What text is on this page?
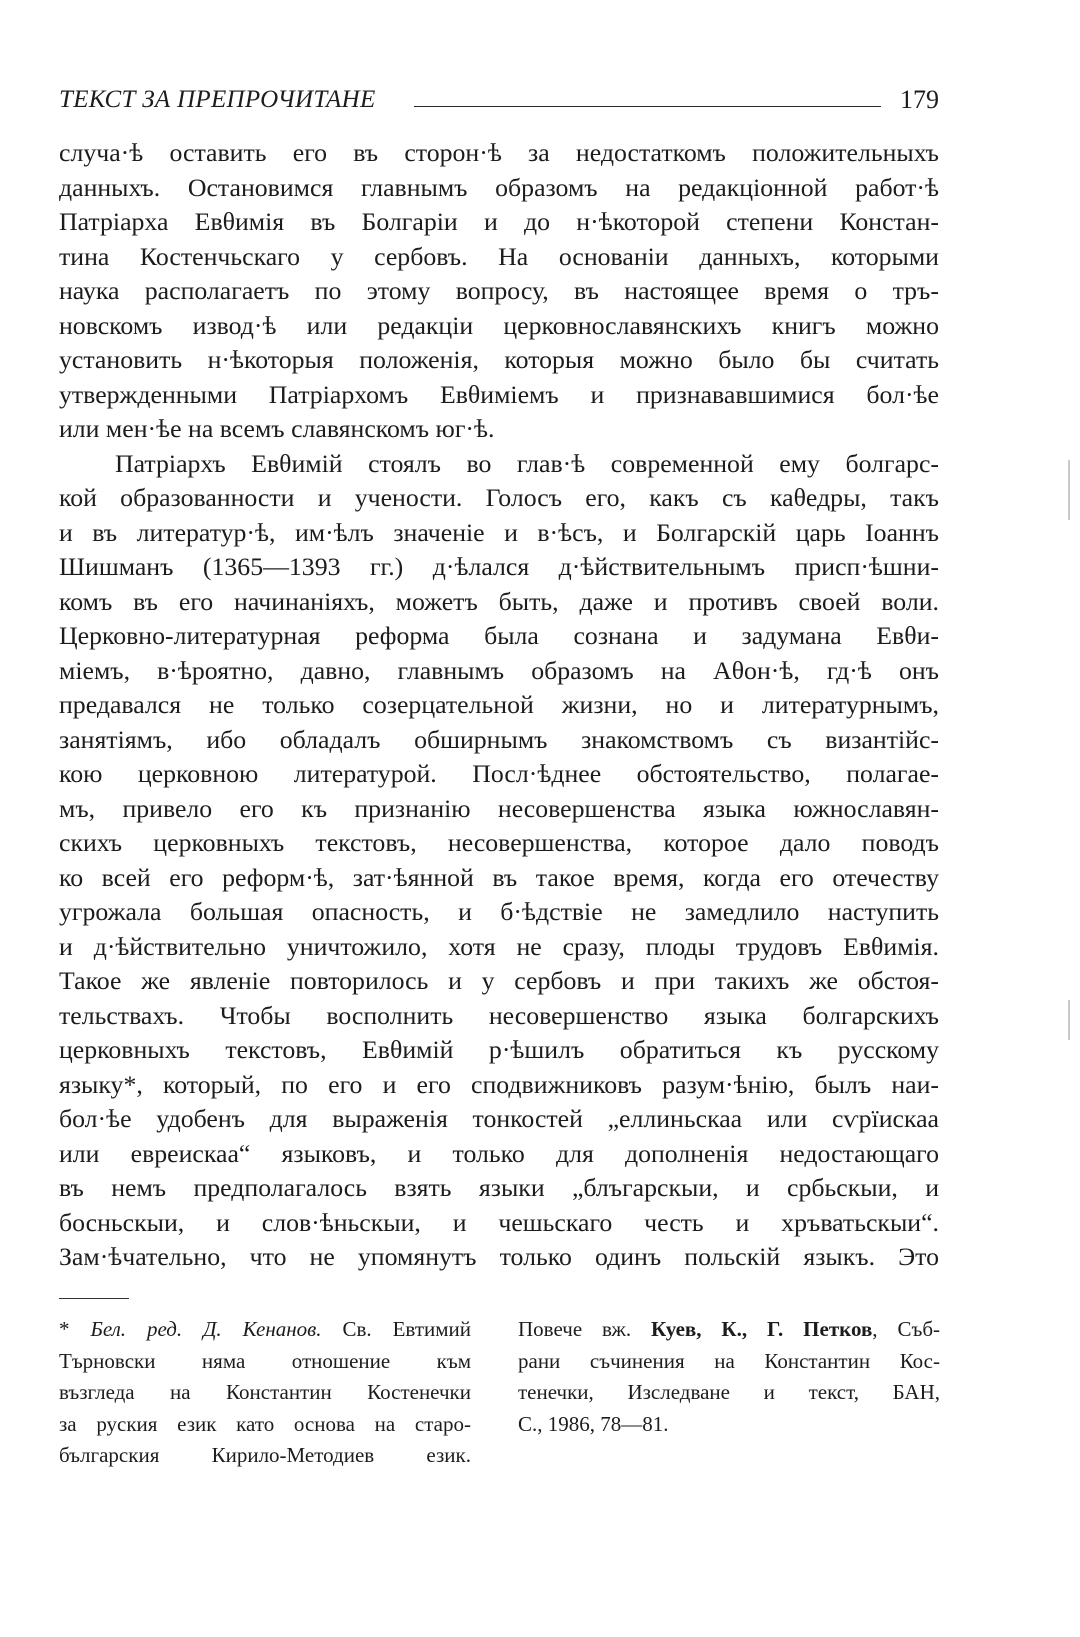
ТЕКСТ ЗА ПРЕПРОЧИТАНЕ	179
случа·ѣ оставить его въ сторон·ѣ за недостаткомъ положительныхъ
данныхъ. Остановимся главнымъ образомъ на редакціонной работ·ѣ
Патріарха Евθимія въ Болгаріи и до н·ѣкоторой степени Констан-
тина Костенчьскаго у сербовъ. На основаніи данныхъ, которыми
наука располагаетъ по этому вопросу, въ настоящее время о тръ-
новскомъ извод·ѣ или редакціи церковнославянскихъ книгъ можно
установить н·ѣкоторыя положенія, которыя можно было бы считать
утвержденными Патріархомъ Евθиміемъ и признававшимися бол·ѣе
или мен·ѣе на всемъ славянскомъ юг·ѣ.
Патріархъ Евθимій стоялъ во глав·ѣ современной ему болгарс-
кой образованности и учености. Голосъ его, какъ съ каθедры, такъ
и въ литератур·ѣ, им·ѣлъ значеніе и в·ѣсъ, и Болгарскій царь Іоаннъ
Шишманъ (1365—1393 гг.) д·ѣлался д·ѣйствительнымъ присп·ѣшни-
комъ въ его начинаніяхъ, можетъ быть, даже и противъ своей воли.
Церковно-литературная реформа была сознана и задумана Евθи-
міемъ, в·ѣроятно, давно, главнымъ образомъ на Аθон·ѣ, гд·ѣ онъ
предавался не только созерцательной жизни, но и литературнымъ,
занятіямъ, ибо обладалъ обширнымъ знакомствомъ съ византійс-
кою церковною литературой. Посл·ѣднее обстоятельство, полагае-
мъ, привело его къ признанію несовершенства языка южнославян-
скихъ церковныхъ текстовъ, несовершенства, которое дало поводъ
ко всей его реформ·ѣ, зат·ѣянной въ такое время, когда его отечеству
угрожала большая опасность, и б·ѣдствіе не замедлило наступить
и д·ѣйствительно уничтожило, хотя не сразу, плоды трудовъ Евθимія.
Такое же явленіе повторилось и у сербовъ и при такихъ же обстоя-
тельствахъ. Чтобы восполнить несовершенство языка болгарскихъ
церковныхъ текстовъ, Евθимій р·ѣшилъ обратиться къ русскому
языку*, который, по его и его сподвижниковъ разум·ѣнію, былъ наи-
бол·ѣе удобенъ для выраженія тонкостей „еллиньскаа или сѵрїискаа
или евреискаа“ языковъ, и только для дополненія недостающаго
въ немъ предполагалось взять языки „блъгарскыи, и србьскыи, и
босньскыи, и слов·ѣньскыи, и чешьскаго честь и хръватьскыи“.
Зам·ѣчательно, что не упомянутъ только одинъ польскій языкъ. Это
* Бел. ред. Д. Кенанов. Св. Евтимий
Търновски няма отношение към
възгледа на Константин Костенечки
за руския език като основа на старо-
българския Кирило-Методиев език.
Повече вж. Куев, К., Г. Петков, Съб-
рани съчинения на Константин Кос-
тенечки, Изследване и текст, БАН,
С., 1986, 78—81.
